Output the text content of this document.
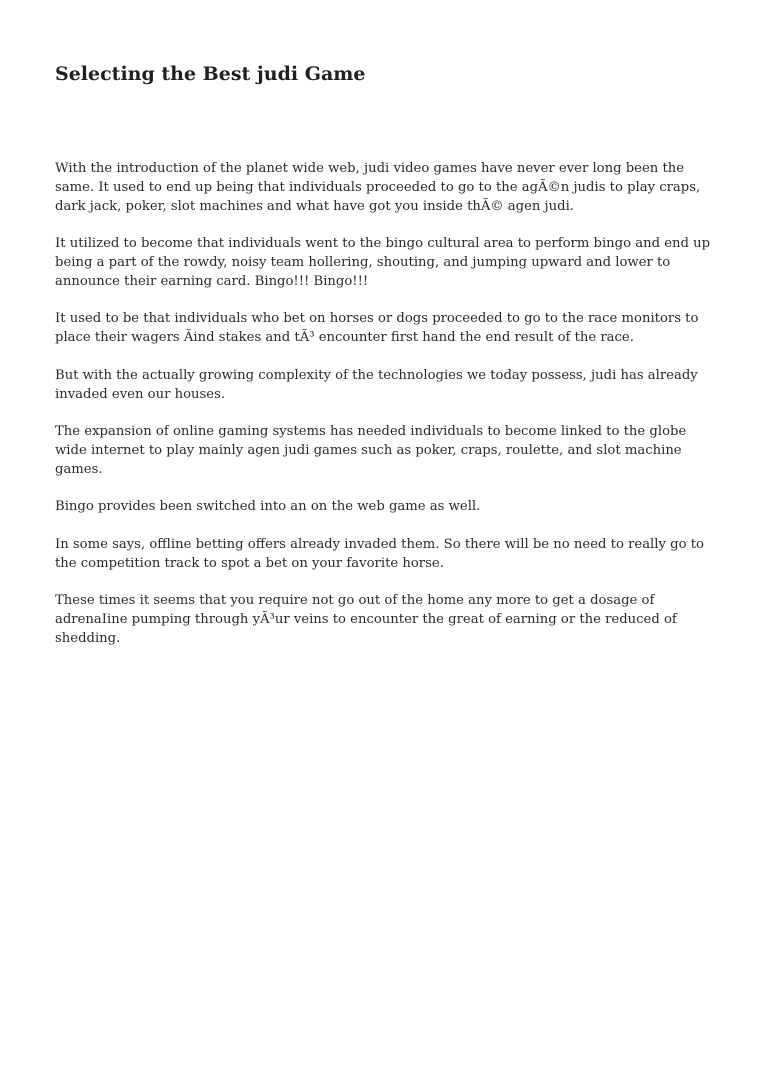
Selecting the Best judi Game

With the introduction of the planet wide web, judi video games have never ever long been the same. It used to end up being that individuals proceeded to go to the agÃ©n judis to play craps, dark jack, poker, slot machines and what have got you inside thÃ© agen judi.

It utilized to become that individuals went to the bingo cultural area to perform bingo and end up being a part of the rowdy, noisy team hollering, shouting, and jumping upward and lower to announce their earning card. Bingo!!! Bingo!!!

It used to be that individuals who bet on horses or dogs proceeded to go to the race monitors to place their wagers Ãind stakes and tÃ³ encounter first hand the end result of the race.

But with the actually growing complexity of the technologies we today possess, judi has already invaded even our houses.

The expansion of online gaming systems has needed individuals to become linked to the globe wide internet to play mainly agen judi games such as poker, craps, roulette, and slot machine games.

Bingo provides been switched into an on the web game as well.

In some says, offline betting offers already invaded them. So there will be no need to really go to the competition track to spot a bet on your favorite horse.

These times it seems that you require not go out of the home any more to get a dosage of adrenaIine pumping through yÃ³ur veins to encounter the great of earning or the reduced of shedding.
